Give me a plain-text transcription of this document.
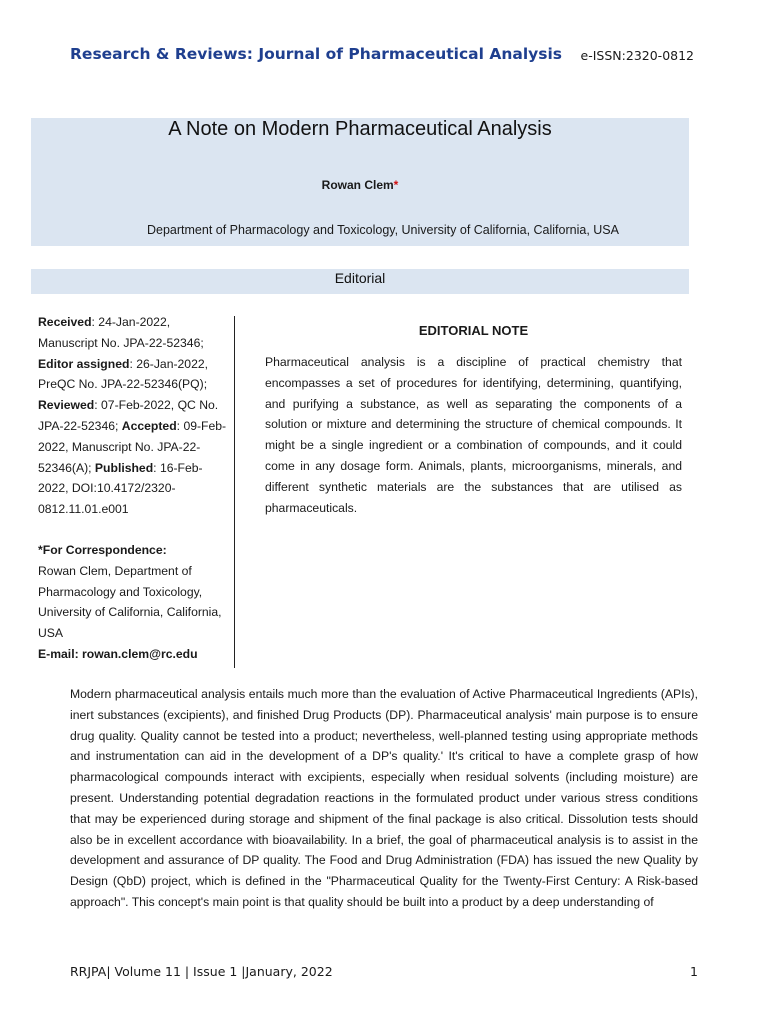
Research & Reviews: Journal of Pharmaceutical Analysis e-ISSN:2320-0812
A Note on Modern Pharmaceutical Analysis
Rowan Clem*
Department of Pharmacology and Toxicology, University of California, California, USA
Editorial
Received: 24-Jan-2022, Manuscript No. JPA-22-52346; Editor assigned: 26-Jan-2022, PreQC No. JPA-22-52346(PQ); Reviewed: 07-Feb-2022, QC No. JPA-22-52346; Accepted: 09-Feb-2022, Manuscript No. JPA-22-52346(A); Published: 16-Feb-2022, DOI:10.4172/2320-0812.11.01.e001
*For Correspondence:
Rowan Clem, Department of Pharmacology and Toxicology, University of California, California, USA
E-mail: rowan.clem@rc.edu
EDITORIAL NOTE
Pharmaceutical analysis is a discipline of practical chemistry that encompasses a set of procedures for identifying, determining, quantifying, and purifying a substance, as well as separating the components of a solution or mixture and determining the structure of chemical compounds. It might be a single ingredient or a combination of compounds, and it could come in any dosage form. Animals, plants, microorganisms, minerals, and different synthetic materials are the substances that are utilised as pharmaceuticals.
Modern pharmaceutical analysis entails much more than the evaluation of Active Pharmaceutical Ingredients (APIs), inert substances (excipients), and finished Drug Products (DP). Pharmaceutical analysis' main purpose is to ensure drug quality. Quality cannot be tested into a product; nevertheless, well-planned testing using appropriate methods and instrumentation can aid in the development of a DP's quality.' It's critical to have a complete grasp of how pharmacological compounds interact with excipients, especially when residual solvents (including moisture) are present. Understanding potential degradation reactions in the formulated product under various stress conditions that may be experienced during storage and shipment of the final package is also critical. Dissolution tests should also be in excellent accordance with bioavailability. In a brief, the goal of pharmaceutical analysis is to assist in the development and assurance of DP quality. The Food and Drug Administration (FDA) has issued the new Quality by Design (QbD) project, which is defined in the "Pharmaceutical Quality for the Twenty-First Century: A Risk-based approach". This concept's main point is that quality should be built into a product by a deep understanding of
RRJPA| Volume 11 | Issue 1 |January, 2022	1
